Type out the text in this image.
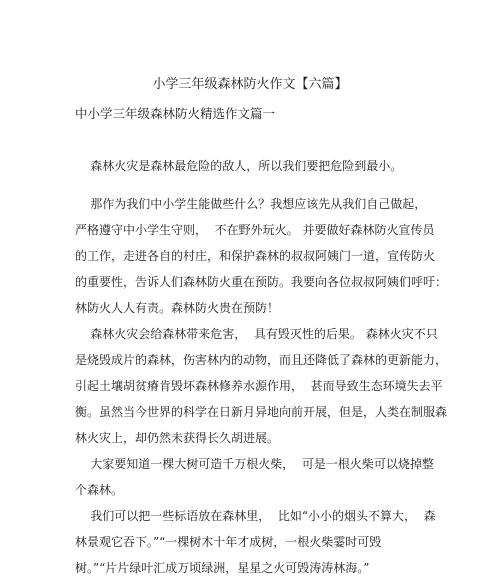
小学三年级森林防火作文【六篇】
中小学三年级森林防火精选作文篇一
森林火灾是森林最危险的敌人，所以我们要把危险到最小。
那作为我们中小学生能做些什么？我想应该先从我们自己做起，
严格遵守中小学生守则，  不在野外玩火。 并要做好森林防火宣传员
的工作，走进各自的村庄，和保护森林的叔叔阿姨门一道，宣传防火
的重要性，告诉人们森林防火重在预防。我要向各位叔叔阿姨们呼吁：
林防火人人有责。森林防火贵在预防！
森林火灾会给森林带来危害，  具有毁灭性的后果。 森林火灾不只
是烧毁成片的森林，伤害林内的动物，而且还降低了森林的更新能力，
引起土壤胡贫瘠肯毁坏森林修养水源作用，  甚而导致生态环境失去平
衡。虽然当今世界的科学在日新月异地向前开展，但是，人类在制服森
林火灾上，却仍然未获得长久胡进展。
大家要知道一棵大树可造千万根火柴，  可是一根火柴可以烧掉整
个森林。
我们可以把一些标语放在森林里，  比如“小小的烟头不算大，  森
林景观它吞下。”“一棵树木十年才成树，一根火柴霎时可毁
树。”“片片绿叶汇成万顷绿洲，星星之火可毁涛涛林海。”
